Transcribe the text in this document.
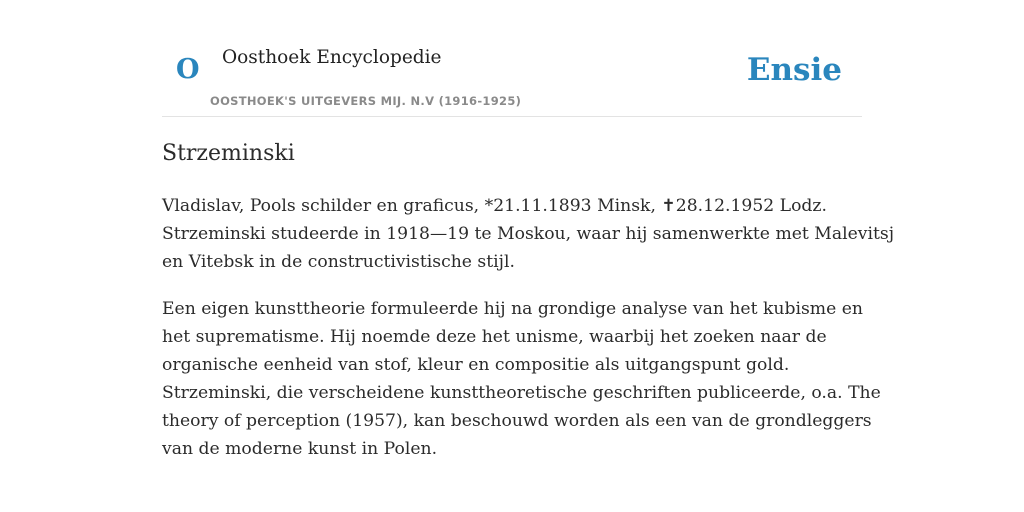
O Oosthoek Encyclopedie
OOSTHOEK'S UITGEVERS MIJ. N.V (1916-1925)
Ensie
Strzeminski

Vladislav, Pools schilder en graficus, *21.11.1893 Minsk, ✝28.12.1952 Lodz.
Strzeminski studeerde in 1918—19 te Moskou, waar hij samenwerkte met Malevitsj
en Vitebsk in de constructivistische stijl.

Een eigen kunsttheorie formuleerde hij na grondige analyse van het kubisme en
het suprematisme. Hij noemde deze het unisme, waarbij het zoeken naar de
organische eenheid van stof, kleur en compositie als uitgangspunt gold.
Strzeminski, die verscheidene kunsttheoretische geschriften publiceerde, o.a. The
theory of perception (1957), kan beschouwd worden als een van de grondleggers
van de moderne kunst in Polen.
